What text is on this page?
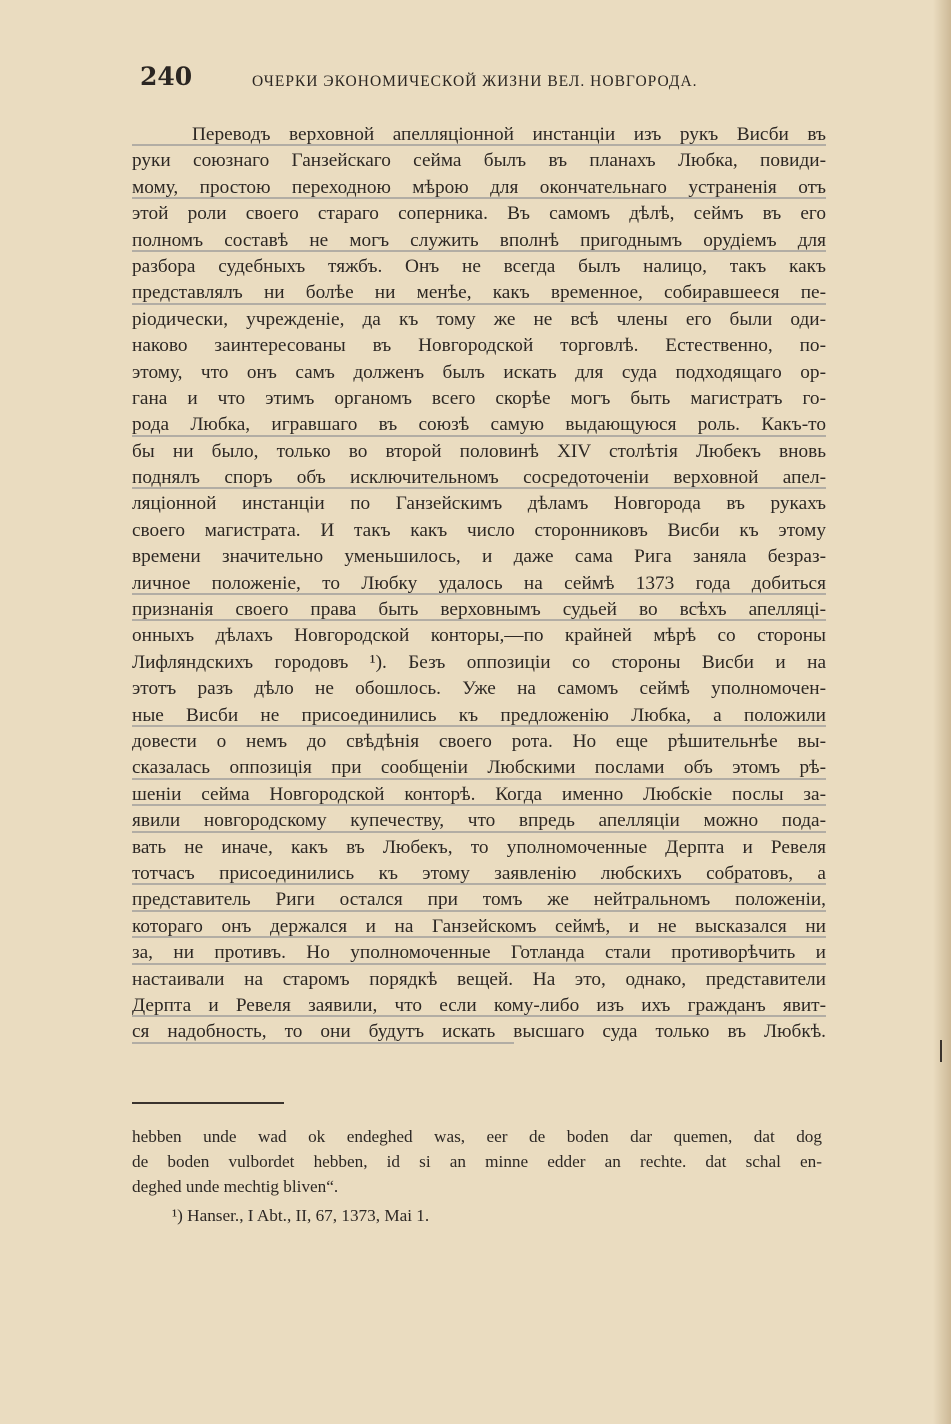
240	ОЧЕРКИ ЭКОНОМИЧЕСКОЙ ЖИЗНИ ВЕЛ. НОВГОРОДА.
Переводъ верховной апелляціонной инстанціи изъ рукъ Висби въ
руки союзнаго Ганзейскаго сейма былъ въ планахъ Любка, повиди-
мому, простою переходною мѣрою для окончательнаго устраненія отъ
этой роли своего стараго соперника. Въ самомъ дѣлѣ, сеймъ въ его
полномъ составѣ не могъ служить вполнѣ пригоднымъ орудіемъ для
разбора судебныхъ тяжбъ. Онъ не всегда былъ налицо, такъ какъ
представлялъ ни болѣе ни менѣе, какъ временное, собиравшееся пе-
ріодически, учрежденіе, да къ тому же не всѣ члены его были оди-
наково заинтересованы въ Новгородской торговлѣ. Естественно, по-
этому, что онъ самъ долженъ былъ искать для суда подходящаго ор-
гана и что этимъ органомъ всего скорѣе могъ быть магистратъ го-
рода Любка, игравшаго въ союзѣ самую выдающуюся роль. Какъ-то
бы ни было, только во второй половинѣ XIV столѣтія Любекъ вновь
поднялъ споръ объ исключительномъ сосредоточеніи верховной апел-
ляціонной инстанціи по Ганзейскимъ дѣламъ Новгорода въ рукахъ
своего магистрата. И такъ какъ число сторонниковъ Висби къ этому
времени значительно уменьшилось, и даже сама Рига заняла безраз-
личное положеніе, то Любку удалось на сеймѣ 1373 года добиться
признанія своего права быть верховнымъ судьей во всѣхъ апелляці-
онныхъ дѣлахъ Новгородской конторы,—по крайней мѣрѣ со стороны
Лифляндскихъ городовъ ¹). Безъ оппозиціи со стороны Висби и на
этотъ разъ дѣло не обошлось. Уже на самомъ сеймѣ уполномочен-
ные Висби не присоединились къ предложенію Любка, а положили
довести о немъ до свѣдѣнія своего рота. Но еще рѣшительнѣе вы-
сказалась оппозиція при сообщеніи Любскими послами объ этомъ рѣ-
шеніи сейма Новгородской конторѣ. Когда именно Любскіе послы за-
явили новгородскому купечеству, что впредь апелляціи можно пода-
вать не иначе, какъ въ Любекъ, то уполномоченные Дерпта и Ревеля
тотчасъ присоединились къ этому заявленію любскихъ собратовъ, а
представитель Риги остался при томъ же нейтральномъ положеніи,
котораго онъ держался и на Ганзейскомъ сеймѣ, и не высказался ни
за, ни противъ. Но уполномоченные Готланда стали противорѣчить и
настаивали на старомъ порядкѣ вещей. На это, однако, представители
Дерпта и Ревеля заявили, что если кому-либо изъ ихъ гражданъ явит-
ся надобность, то они будутъ искать высшаго суда только въ Любкѣ.
hebben unde wad ok endeghed was, eer de boden dar quemen, dat dog
de boden vulbordet hebben, id si an minne edder an rechte. dat schal en-
deghed unde mechtig bliven“.
¹) Hanser., I Abt., II, 67, 1373, Mai 1.
